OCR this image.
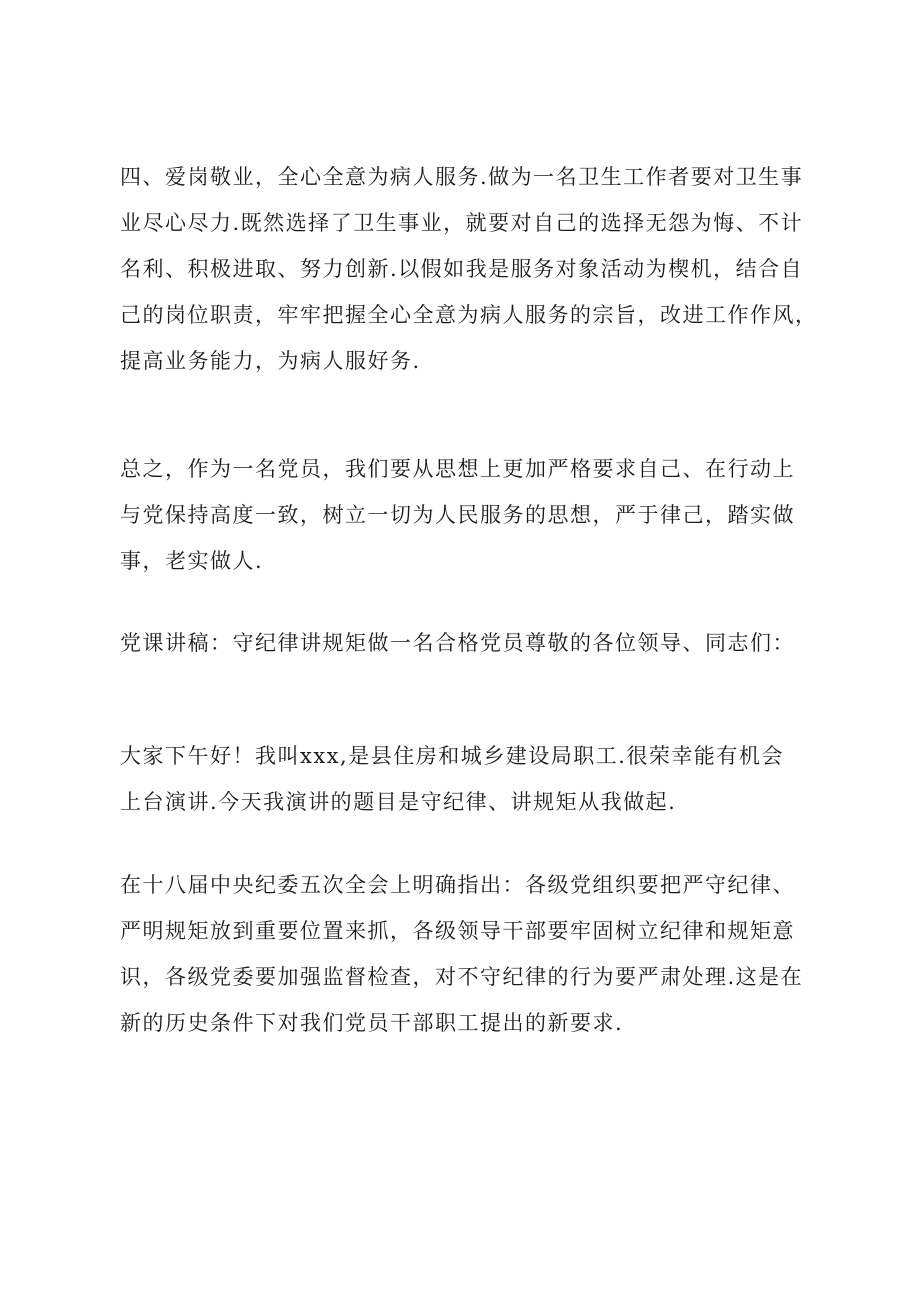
四、爱岗敬业，全心全意为病人服务.做为一名卫生工作者要对卫生事
业尽心尽力.既然选择了卫生事业，就要对自己的选择无怨为悔、不计
名利、积极进取、努力创新.以假如我是服务对象活动为楔机，结合自
己的岗位职责，牢牢把握全心全意为病人服务的宗旨，改进工作作风，
提高业务能力，为病人服好务.
总之，作为一名党员，我们要从思想上更加严格要求自己、在行动上
与党保持高度一致，树立一切为人民服务的思想，严于律己，踏实做
事，老实做人.
党课讲稿：守纪律讲规矩做一名合格党员尊敬的各位领导、同志们：
大家下午好！我叫xxx,是县住房和城乡建设局职工.很荣幸能有机会
上台演讲.今天我演讲的题目是守纪律、讲规矩从我做起.
在十八届中央纪委五次全会上明确指出：各级党组织要把严守纪律、
严明规矩放到重要位置来抓，各级领导干部要牢固树立纪律和规矩意
识，各级党委要加强监督检查，对不守纪律的行为要严肃处理.这是在
新的历史条件下对我们党员干部职工提出的新要求.
